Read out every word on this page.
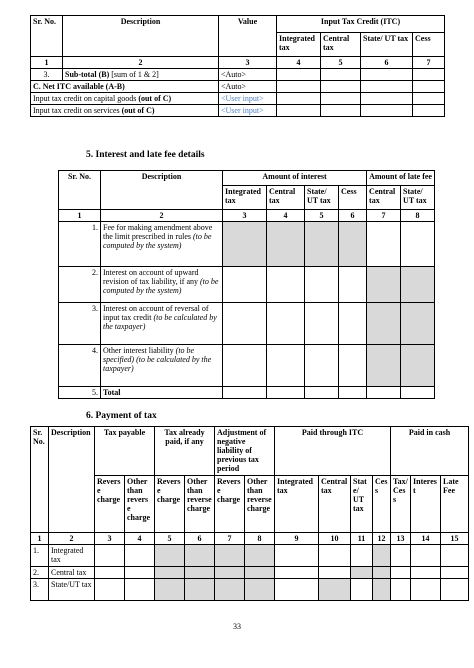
Sr. No.	Description	Value	Input Tax Credit (ITC)			
			Integrated tax	Central tax	State/ UT tax	Cess
1	2	3	4	5	6	7
3.	Sub-total (B) [sum of 1 & 2]	<Auto>				
C. Net ITC available (A-B)		<Auto>				
Input tax credit on capital goods (out of C)		<User input>				
Input tax credit on services (out of C)		<User input>				
5. Interest and late fee details
Sr. No.	Description	Amount of interest				Amount of late fee	
		Integrated tax	Central tax	State/ UT tax	Cess	Central tax	State/ UT tax
1	2	3	4	5	6	7	8
1.	Fee for making amendment above the limit prescribed in rules (to be computed by the system)						
2.	Interest on account of upward revision of tax liability, if any (to be computed by the system)						
3.	Interest on account of reversal of input tax credit (to be calculated by the taxpayer)						
4.	Other interest liability (to be specified) (to be calculated by the taxpayer)						
5.	Total						
6. Payment of tax
Sr. No.	Description	Tax payable		Tax already paid, if any		Adjustment of negative liability of previous tax period		Paid through ITC				Paid in cash		
		Reverse charge	Other than revers e charge	Reverse charge	Other than reverse charge	Reverse charge	Other than reverse charge	Integrated tax	Central tax	State/ UT tax	Cess	Tax/ Cess	Interest	Late Fee
1	2	3	4	5	6	7	8	9	10	11	12	13	14	15
1.	Integrated tax													
2.	Central tax													
3.	State/UT tax													
33
